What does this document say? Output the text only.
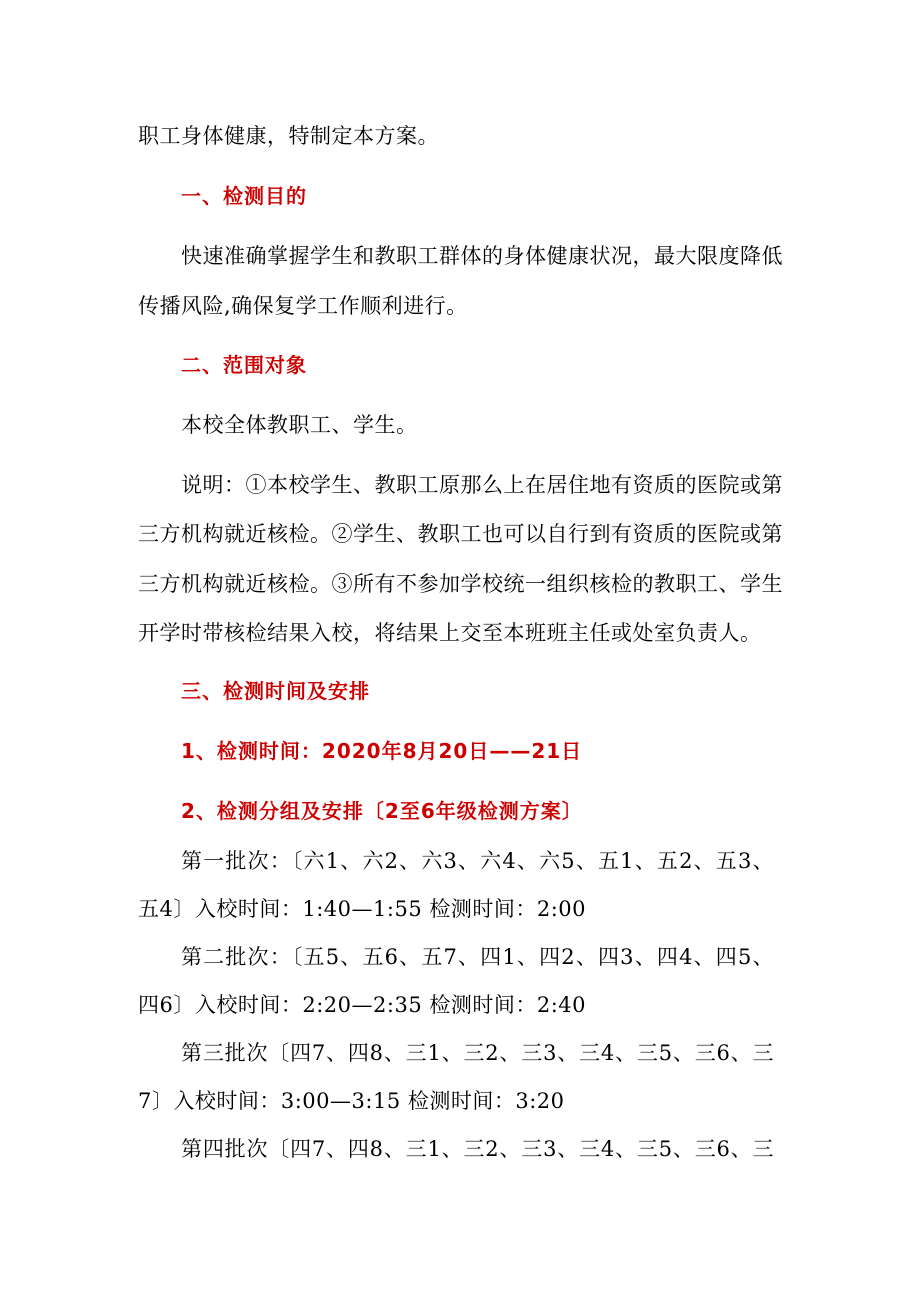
职工身体健康，特制定本方案。
一、检测目的
快速准确掌握学生和教职工群体的身体健康状况，最大限度降低
传播风险,确保复学工作顺利进行。
二、范围对象
本校全体教职工、学生。
说明：①本校学生、教职工原那么上在居住地有资质的医院或第
三方机构就近核检。②学生、教职工也可以自行到有资质的医院或第
三方机构就近核检。③所有不参加学校统一组织核检的教职工、学生
开学时带核检结果入校，将结果上交至本班班主任或处室负责人。
三、检测时间及安排
1、检测时间：2020年8月20日——21日
2、检测分组及安排〔2至6年级检测方案〕
第一批次：〔六1、六2、六3、六4、六5、五1、五2、五3、
五4〕入校时间：1:40—1:55 检测时间：2:00
第二批次：〔五5、五6、五7、四1、四2、四3、四4、四5、
四6〕入校时间：2:20—2:35 检测时间：2:40
第三批次〔四7、四8、三1、三2、三3、三4、三5、三6、三
7〕入校时间：3:00—3:15 检测时间：3:20
第四批次〔四7、四8、三1、三2、三3、三4、三5、三6、三
